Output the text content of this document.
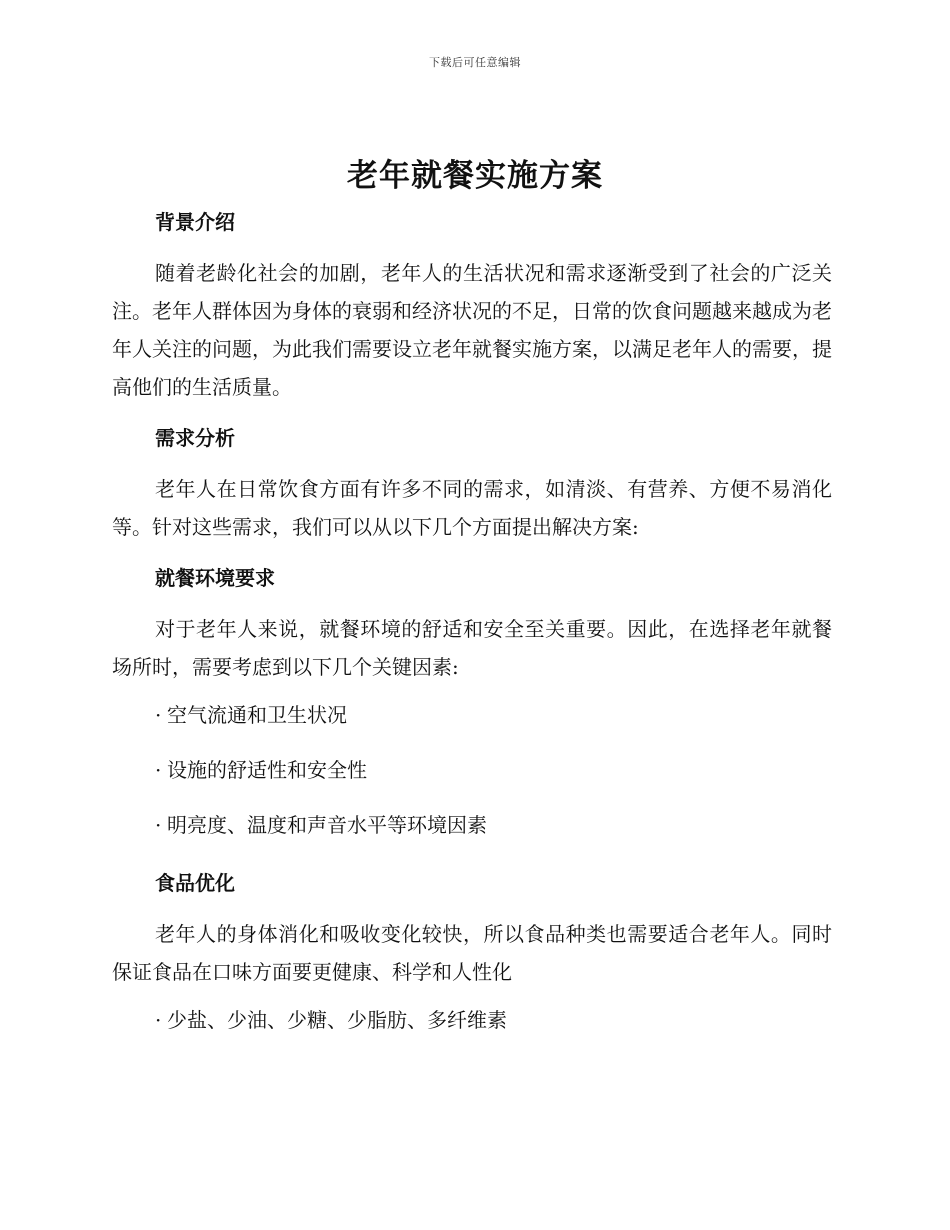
下载后可任意编辑
老年就餐实施方案
背景介绍

随着老龄化社会的加剧，老年人的生活状况和需求逐渐受到了社会的广泛关注。老年人群体因为身体的衰弱和经济状况的不足，日常的饮食问题越来越成为老年人关注的问题，为此我们需要设立老年就餐实施方案，以满足老年人的需要，提高他们的生活质量。

需求分析

老年人在日常饮食方面有许多不同的需求，如清淡、有营养、方便不易消化等。针对这些需求，我们可以从以下几个方面提出解决方案:

就餐环境要求

对于老年人来说，就餐环境的舒适和安全至关重要。因此，在选择老年就餐场所时，需要考虑到以下几个关键因素:

· 空气流通和卫生状况

· 设施的舒适性和安全性

· 明亮度、温度和声音水平等环境因素

食品优化

老年人的身体消化和吸收变化较快，所以食品种类也需要适合老年人。同时保证食品在口味方面要更健康、科学和人性化

· 少盐、少油、少糖、少脂肪、多纤维素
